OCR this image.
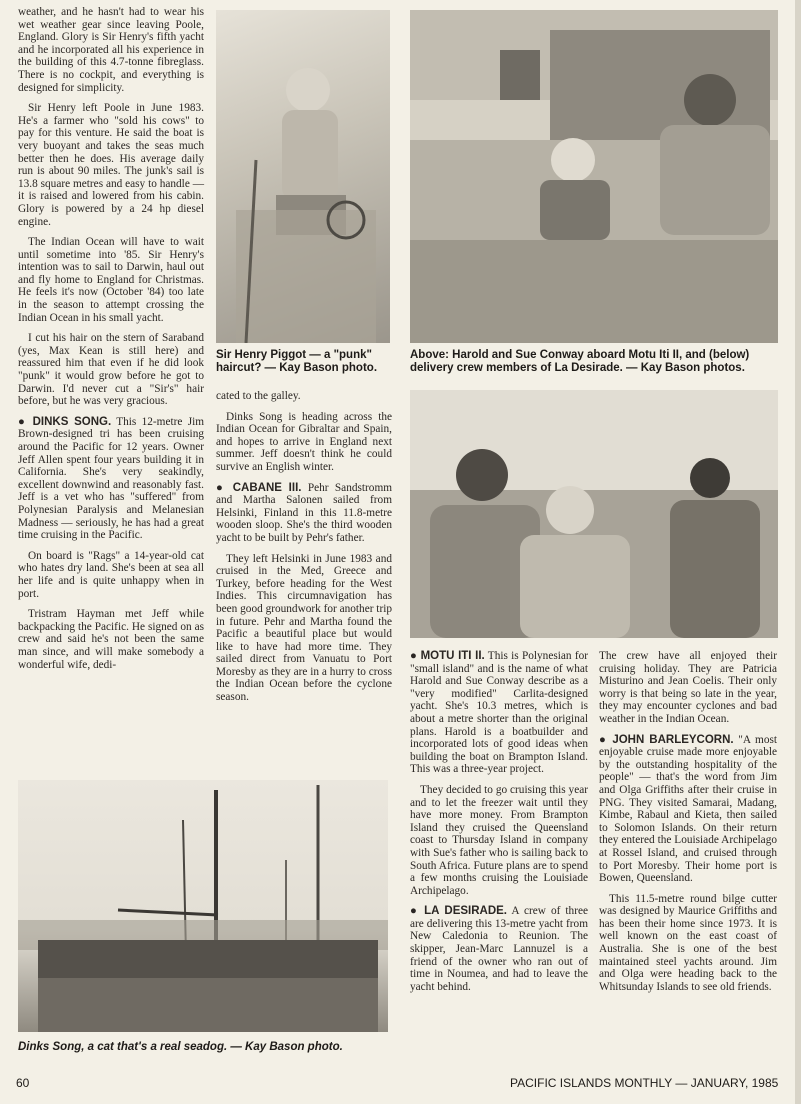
weather, and he hasn't had to wear his wet weather gear since leaving Poole, England. Glory is Sir Henry's fifth yacht and he incorporated all his experience in the building of this 4.7-tonne fibreglass. There is no cockpit, and everything is designed for simplicity.

Sir Henry left Poole in June 1983. He's a farmer who "sold his cows" to pay for this venture. He said the boat is very buoyant and takes the seas much better then he does. His average daily run is about 90 miles. The junk's sail is 13.8 square metres and easy to handle — it is raised and lowered from his cabin. Glory is powered by a 24 hp diesel engine.

The Indian Ocean will have to wait until sometime into '85. Sir Henry's intention was to sail to Darwin, haul out and fly home to England for Christmas. He feels it's now (October '84) too late in the season to attempt crossing the Indian Ocean in his small yacht.

I cut his hair on the stern of Saraband (yes, Max Kean is still here) and reassured him that even if he did look "punk" it would grow before he got to Darwin. I'd never cut a "Sir's" hair before, but he was very gracious.

● DINKS SONG. This 12-metre Jim Brown-designed tri has been cruising around the Pacific for 12 years. Owner Jeff Allen spent four years building it in California. She's very seakindly, excellent downwind and reasonably fast. Jeff is a vet who has "suffered" from Polynesian Paralysis and Melanesian Madness — seriously, he has had a great time cruising in the Pacific.

On board is "Rags" a 14-year-old cat who hates dry land. She's been at sea all her life and is quite unhappy when in port.

Tristram Hayman met Jeff while backpacking the Pacific. He signed on as crew and said he's not been the same man since, and will make somebody a wonderful wife, dedi-

Sir Henry Piggot — a "punk" haircut? — Kay Bason photo.

cated to the galley.

Dinks Song is heading across the Indian Ocean for Gibraltar and Spain, and hopes to arrive in England next summer. Jeff doesn't think he could survive an English winter.

● CABANE III. Pehr Sandstromm and Martha Salonen sailed from Helsinki, Finland in this 11.8-metre wooden sloop. She's the third wooden yacht to be built by Pehr's father.

They left Helsinki in June 1983 and cruised in the Med, Greece and Turkey, before heading for the West Indies. This circumnavigation has been good groundwork for another trip in future. Pehr and Martha found the Pacific a beautiful place but would like to have had more time. They sailed direct from Vanuatu to Port Moresby as they are in a hurry to cross the Indian Ocean before the cyclone season.

Above: Harold and Sue Conway aboard Motu Iti II, and (below) delivery crew members of La Desirade. — Kay Bason photos.

● MOTU ITI II. This is Polynesian for "small island" and is the name of what Harold and Sue Conway describe as a "very modified" Carlita-designed yacht. She's 10.3 metres, which is about a metre shorter than the original plans. Harold is a boatbuilder and incorporated lots of good ideas when building the boat on Brampton Island. This was a three-year project.

They decided to go cruising this year and to let the freezer wait until they have more money. From Brampton Island they cruised the Queensland coast to Thursday Island in company with Sue's father who is sailing back to South Africa. Future plans are to spend a few months cruising the Louisiade Archipelago.

● LA DESIRADE. A crew of three are delivering this 13-metre yacht from New Caledonia to Reunion. The skipper, Jean-Marc Lannuzel is a friend of the owner who ran out of time in Noumea, and had to leave the yacht behind.

The crew have all enjoyed their cruising holiday. They are Patricia Misturino and Jean Coelis. Their only worry is that being so late in the year, they may encounter cyclones and bad weather in the Indian Ocean.

● JOHN BARLEYCORN. "A most enjoyable cruise made more enjoyable by the outstanding hospitality of the people" — that's the word from Jim and Olga Griffiths after their cruise in PNG. They visited Samarai, Madang, Kimbe, Rabaul and Kieta, then sailed to Solomon Islands. On their return they entered the Louisiade Archipelago at Rossel Island, and cruised through to Port Moresby. Their home port is Bowen, Queensland.

This 11.5-metre round bilge cutter was designed by Maurice Griffiths and has been their home since 1973. It is well known on the east coast of Australia. She is one of the best maintained steel yachts around. Jim and Olga were heading back to the Whitsunday Islands to see old friends.

Dinks Song, a cat that's a real seadog. — Kay Bason photo.
60	PACIFIC ISLANDS MONTHLY — JANUARY, 1985
